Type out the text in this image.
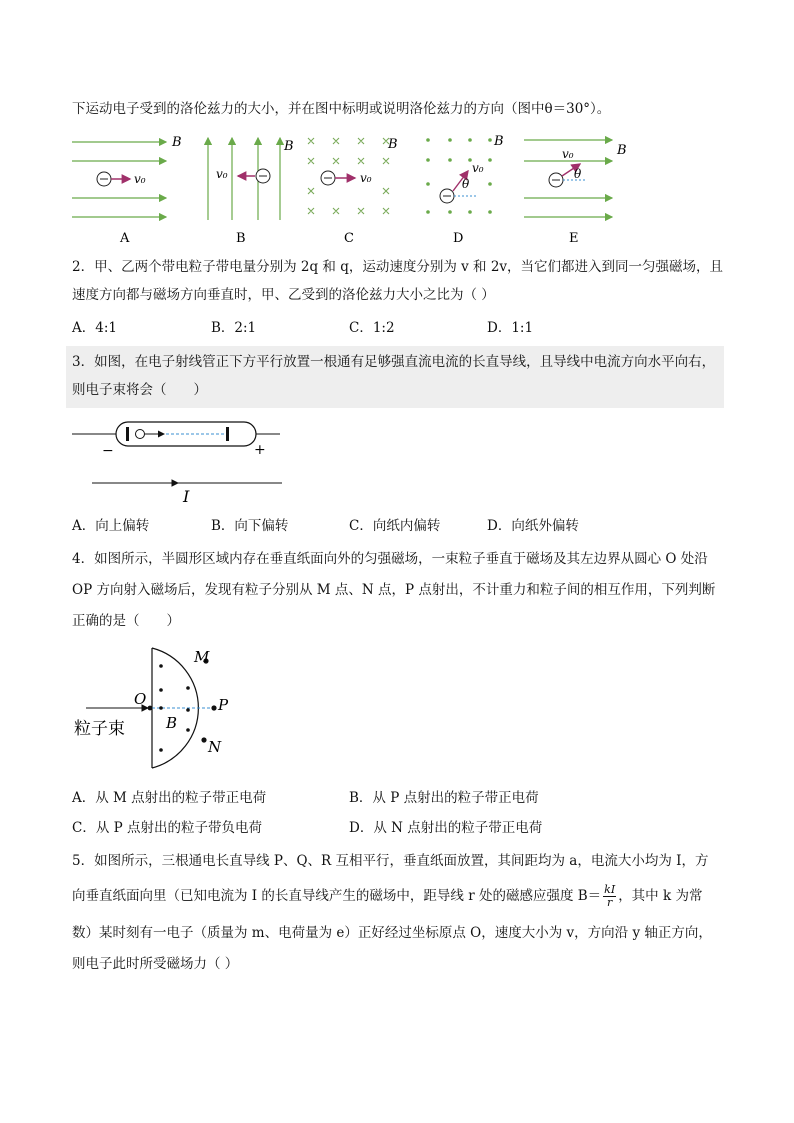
下运动电子受到的洛伦兹力的大小，并在图中标明或说明洛伦兹力的方向（图中θ＝30°）。
B
v₀
B
v₀
B
v₀
B
v₀
θ
B
v₀
θ
A	B	C	D	E
2．甲、乙两个带电粒子带电量分别为 2q 和 q，运动速度分别为 v 和 2v，当它们都进入到同一匀强磁场，且
速度方向都与磁场方向垂直时，甲、乙受到的洛伦兹力大小之比为（ ）
A．4:1	B．2:1	C．1:2	D．1:1
3．如图，在电子射线管正下方平行放置一根通有足够强直流电流的长直导线，且导线中电流方向水平向右，
则电子束将会（　　）
−	+
I
A．向上偏转	B．向下偏转	C．向纸内偏转	D．向纸外偏转
4．如图所示，半圆形区域内存在垂直纸面向外的匀强磁场，一束粒子垂直于磁场及其左边界从圆心 O 处沿
OP 方向射入磁场后，发现有粒子分别从 M 点、N 点，P 点射出，不计重力和粒子间的相互作用，下列判断
正确的是（　　）
M
O	P
B
N
粒子束
A．从 M 点射出的粒子带正电荷	B．从 P 点射出的粒子带正电荷
C．从 P 点射出的粒子带负电荷	D．从 N 点射出的粒子带正电荷
5．如图所示，三根通电长直导线 P、Q、R 互相平行，垂直纸面放置，其间距均为 a，电流大小均为 I，方
向垂直纸面向里（已知电流为 I 的长直导线产生的磁场中，距导线 r 处的磁感应强度 $B= \frac{kI}{r}$ ，其中 k 为常
数）某时刻有一电子（质量为 m、电荷量为 e）正好经过坐标原点 O，速度大小为 v，方向沿 y 轴正方向，
则电子此时所受磁场力（ ）
